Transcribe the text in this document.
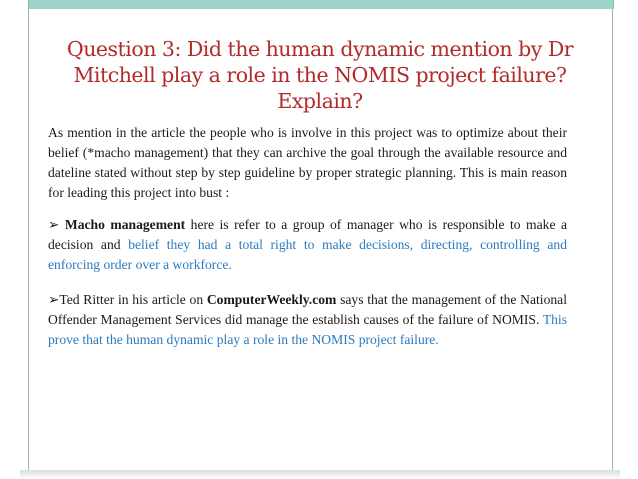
Question 3: Did the human dynamic mention by Dr Mitchell play a role in the NOMIS project failure? Explain?

As mention in the article the people who is involve in this project was to optimize about their belief (*macho management) that they can archive the goal through the available resource and dateline stated without step by step guideline by proper strategic planning. This is main reason for leading this project into bust :

➢ Macho management here is refer to a group of manager who is responsible to make a decision and belief they had a total right to make decisions, directing, controlling and enforcing order over a workforce.

➢Ted Ritter in his article on ComputerWeekly.com says that the management of the National Offender Management Services did manage the establish causes of the failure of NOMIS. This prove that the human dynamic play a role in the NOMIS project failure.
